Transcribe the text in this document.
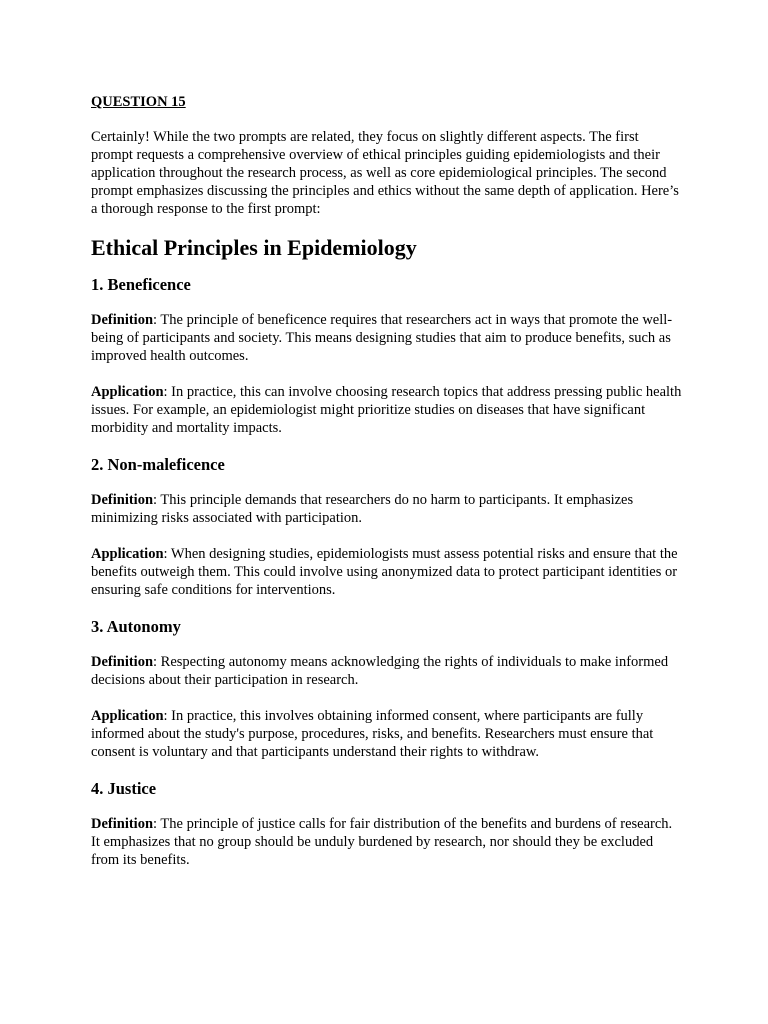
QUESTION 15

Certainly! While the two prompts are related, they focus on slightly different aspects. The first prompt requests a comprehensive overview of ethical principles guiding epidemiologists and their application throughout the research process, as well as core epidemiological principles. The second prompt emphasizes discussing the principles and ethics without the same depth of application. Here’s a thorough response to the first prompt:

Ethical Principles in Epidemiology
1. Beneficence

Definition: The principle of beneficence requires that researchers act in ways that promote the well-being of participants and society. This means designing studies that aim to produce benefits, such as improved health outcomes.

Application: In practice, this can involve choosing research topics that address pressing public health issues. For example, an epidemiologist might prioritize studies on diseases that have significant morbidity and mortality impacts.

2. Non-maleficence

Definition: This principle demands that researchers do no harm to participants. It emphasizes minimizing risks associated with participation.

Application: When designing studies, epidemiologists must assess potential risks and ensure that the benefits outweigh them. This could involve using anonymized data to protect participant identities or ensuring safe conditions for interventions.

3. Autonomy

Definition: Respecting autonomy means acknowledging the rights of individuals to make informed decisions about their participation in research.

Application: In practice, this involves obtaining informed consent, where participants are fully informed about the study's purpose, procedures, risks, and benefits. Researchers must ensure that consent is voluntary and that participants understand their rights to withdraw.

4. Justice

Definition: The principle of justice calls for fair distribution of the benefits and burdens of research. It emphasizes that no group should be unduly burdened by research, nor should they be excluded from its benefits.
